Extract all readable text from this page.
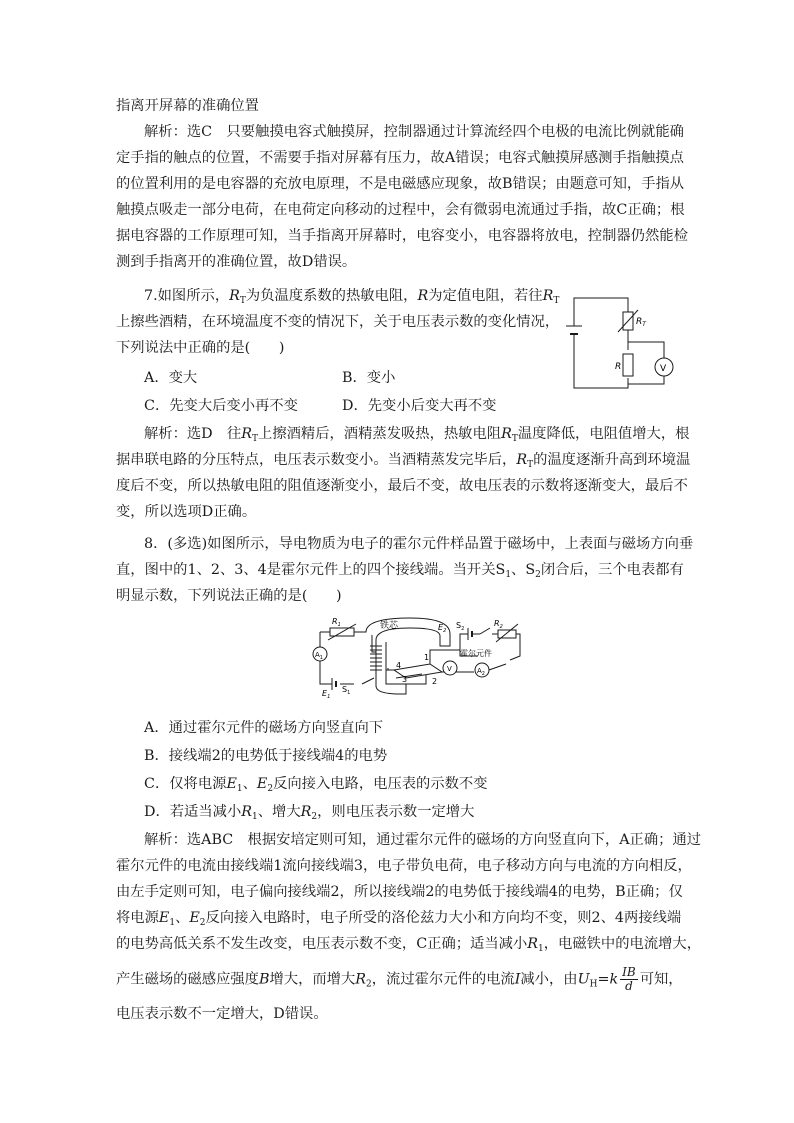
指离开屏幕的准确位置
解析：选C　只要触摸电容式触摸屏，控制器通过计算流经四个电极的电流比例就能确
定手指的触点的位置，不需要手指对屏幕有压力，故A错误；电容式触摸屏感测手指触摸点
的位置利用的是电容器的充放电原理，不是电磁感应现象，故B错误；由题意可知，手指从
触摸点吸走一部分电荷，在电荷定向移动的过程中，会有微弱电流通过手指，故C正确；根
据电容器的工作原理可知，当手指离开屏幕时，电容变小，电容器将放电，控制器仍然能检
测到手指离开的准确位置，故D错误。
7.如图所示，$R_T$为负温度系数的热敏电阻，R为定值电阻，若往$R_T$
上擦些酒精，在环境温度不变的情况下，关于电压表示数的变化情况，
下列说法中正确的是(　　)
A．变大	B．变小
C．先变大后变小再不变	D．先变小后变大再不变
$R_T$
R	V
解析：选D　往$R_T$上擦酒精后，酒精蒸发吸热，热敏电阻$R_T$温度降低，电阻值增大，根
据串联电路的分压特点，电压表示数变小。当酒精蒸发完毕后，$R_T$的温度逐渐升高到环境温
度后不变，所以热敏电阻的阻值逐渐变小，最后不变，故电压表的示数将逐渐变大，最后不
变，所以选项D正确。
8．(多选)如图所示，导电物质为电子的霍尔元件样品置于磁场中，上表面与磁场方向垂
直，图中的1、2、3、4是霍尔元件上的四个接线端。当开关$S_1$、$S_2$闭合后，三个电表都有
明显示数，下列说法正确的是(　　)
铁芯
霍尔元件
$R_1$	$R_2$
$E_1$
$E_2$
$S_1$
$S_2$
$A_1$
$A_2$
V
1
2
3
4
A．通过霍尔元件的磁场方向竖直向下
B．接线端2的电势低于接线端4的电势
C．仅将电源$E_1$、$E_2$反向接入电路，电压表的示数不变
D．若适当减小$R_1$、增大$R_2$，则电压表示数一定增大
解析：选ABC　根据安培定则可知，通过霍尔元件的磁场的方向竖直向下，A正确；通过
霍尔元件的电流由接线端1流向接线端3，电子带负电荷，电子移动方向与电流的方向相反，
由左手定则可知，电子偏向接线端2，所以接线端2的电势低于接线端4的电势，B正确；仅
将电源$E_1$、$E_2$反向接入电路时，电子所受的洛伦兹力大小和方向均不变，则2、4两接线端
的电势高低关系不发生改变，电压表示数不变，C正确；适当减小$R_1$，电磁铁中的电流增大，
产生磁场的磁感应强度B增大，而增大$R_2$，流过霍尔元件的电流I减小，由$U_H=k \frac{IB}{d}$ 可知，
电压表示数不一定增大，D错误。
